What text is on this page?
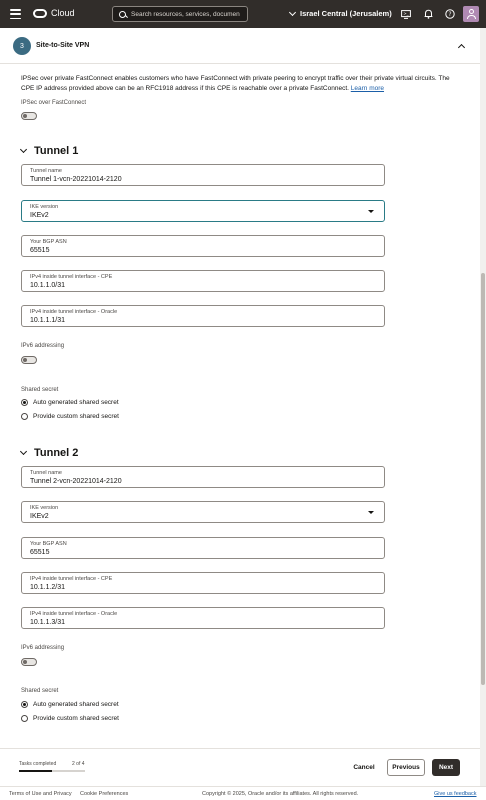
Cloud	Search resources, services, documen	Israel Central (Jerusalem)	>_	?
3	Site-to-Site VPN
IPSec over private FastConnect enables customers who have FastConnect with private peering to encrypt traffic over their private virtual circuits. The CPE IP address provided above can be an RFC1918 address if this CPE is reachable over a private FastConnect. Learn more
IPSec over FastConnect
Tunnel 1
Tunnel name
Tunnel 1-vcn-20221014-2120
IKE version
IKEv2
Your BGP ASN
65515
IPv4 inside tunnel interface - CPE
10.1.1.0/31
IPv4 inside tunnel interface - Oracle
10.1.1.1/31
IPv6 addressing
Shared secret
Auto generated shared secret
Provide custom shared secret
Tunnel 2
Tunnel name
Tunnel 2-vcn-20221014-2120
IKE version
IKEv2
Your BGP ASN
65515
IPv4 inside tunnel interface - CPE
10.1.1.2/31
IPv4 inside tunnel interface - Oracle
10.1.1.3/31
IPv6 addressing
Shared secret
Auto generated shared secret
Provide custom shared secret
Tasks completed	2 of 4	Cancel	Previous	Next
Terms of Use and Privacy Cookie Preferences	Copyright © 2025, Oracle and/or its affiliates. All rights reserved.	Give us feedback
